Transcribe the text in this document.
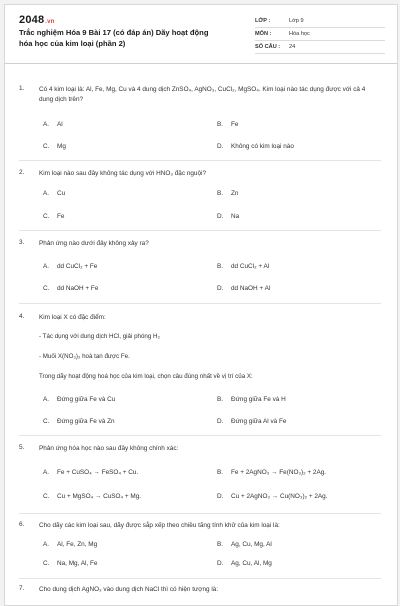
2048.vn
Trắc nghiệm Hóa 9 Bài 17 (có đáp án) Dãy hoạt động hóa học của kim loại (phần 2)
LỚP :	Lớp 9
MÔN :	Hóa học
SỐ CÂU :	24
1.	Có 4 kim loại là: Al, Fe, Mg, Cu và 4 dung dịch ZnSO₄, AgNO₃, CuCl₂, MgSO₄. Kim loại nào tác dụng được với cả 4 dung dịch trên?
A. Al	B. Fe
C. Mg	D. Không có kim loại nào
2.	Kim loại nào sau đây không tác dụng với HNO₃ đặc nguội?
A. Cu	B. Zn
C. Fe	D. Na
3.	Phản ứng nào dưới đây không xảy ra?
A. dd CuCl₂ + Fe	B. dd CuCl₂ + Al
C. dd NaOH + Fe	D. dd NaOH + Al
4.	Kim loại X có đặc điểm:
- Tác dụng với dung dịch HCl, giải phóng H₂
- Muối X(NO₃)₂ hoà tan được Fe.
Trong dãy hoạt động hoá học của kim loại, chọn câu đúng nhất về vị trí của X:
A. Đứng giữa Fe và Cu	B. Đứng giữa Fe và H
C. Đứng giữa Fe và Zn	D. Đứng giữa Al và Fe
5.	Phản ứng hóa học nào sau đây không chính xác:
A. Fe + CuSO₄ → FeSO₄ + Cu.	B. Fe + 2AgNO₃ → Fe(NO₃)₂ + 2Ag.
C. Cu + MgSO₄ → CuSO₄ + Mg.	D. Cu + 2AgNO₃ → Cu(NO₃)₂ + 2Ag.
6.	Cho dãy các kim loại sau, dãy được sắp xếp theo chiều tăng tính khử của kim loại là:
A. Al, Fe, Zn, Mg	B. Ag, Cu, Mg, Al
C. Na, Mg, Al, Fe	D. Ag, Cu, Al, Mg
7.	Cho dung dịch AgNO₃ vào dung dịch NaCl thì có hiện tượng là:
